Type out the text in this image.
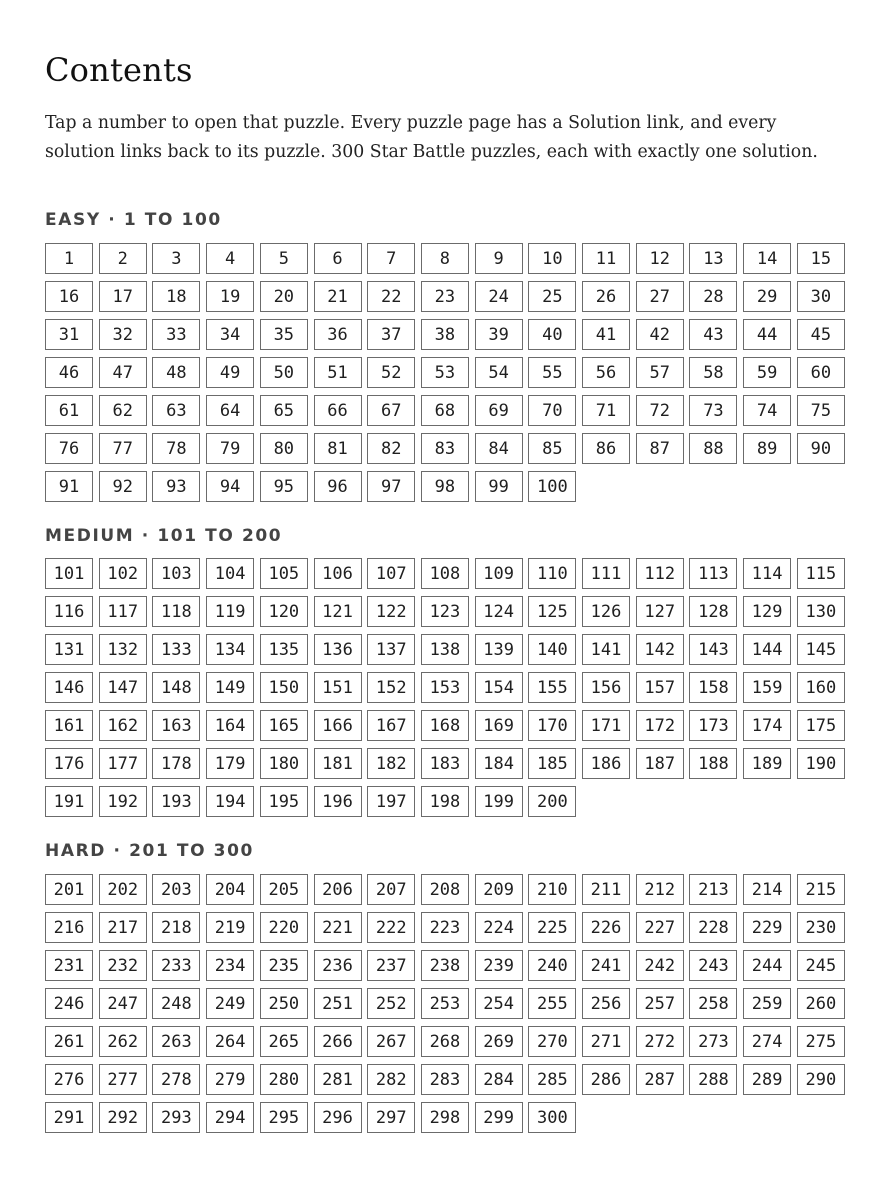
Contents

Tap a number to open that puzzle. Every puzzle page has a Solution link, and every solution links back to its puzzle. 300 Star Battle puzzles, each with exactly one solution.

EASY · 1 TO 100
1	2	3	4	5	6	7	8	9	10	11	12	13	14	15
16	17	18	19	20	21	22	23	24	25	26	27	28	29	30
31	32	33	34	35	36	37	38	39	40	41	42	43	44	45
46	47	48	49	50	51	52	53	54	55	56	57	58	59	60
61	62	63	64	65	66	67	68	69	70	71	72	73	74	75
76	77	78	79	80	81	82	83	84	85	86	87	88	89	90
91	92	93	94	95	96	97	98	99	100
MEDIUM · 101 TO 200
101	102	103	104	105	106	107	108	109	110	111	112	113	114	115
116	117	118	119	120	121	122	123	124	125	126	127	128	129	130
131	132	133	134	135	136	137	138	139	140	141	142	143	144	145
146	147	148	149	150	151	152	153	154	155	156	157	158	159	160
161	162	163	164	165	166	167	168	169	170	171	172	173	174	175
176	177	178	179	180	181	182	183	184	185	186	187	188	189	190
191	192	193	194	195	196	197	198	199	200
HARD · 201 TO 300
201	202	203	204	205	206	207	208	209	210	211	212	213	214	215
216	217	218	219	220	221	222	223	224	225	226	227	228	229	230
231	232	233	234	235	236	237	238	239	240	241	242	243	244	245
246	247	248	249	250	251	252	253	254	255	256	257	258	259	260
261	262	263	264	265	266	267	268	269	270	271	272	273	274	275
276	277	278	279	280	281	282	283	284	285	286	287	288	289	290
291	292	293	294	295	296	297	298	299	300
